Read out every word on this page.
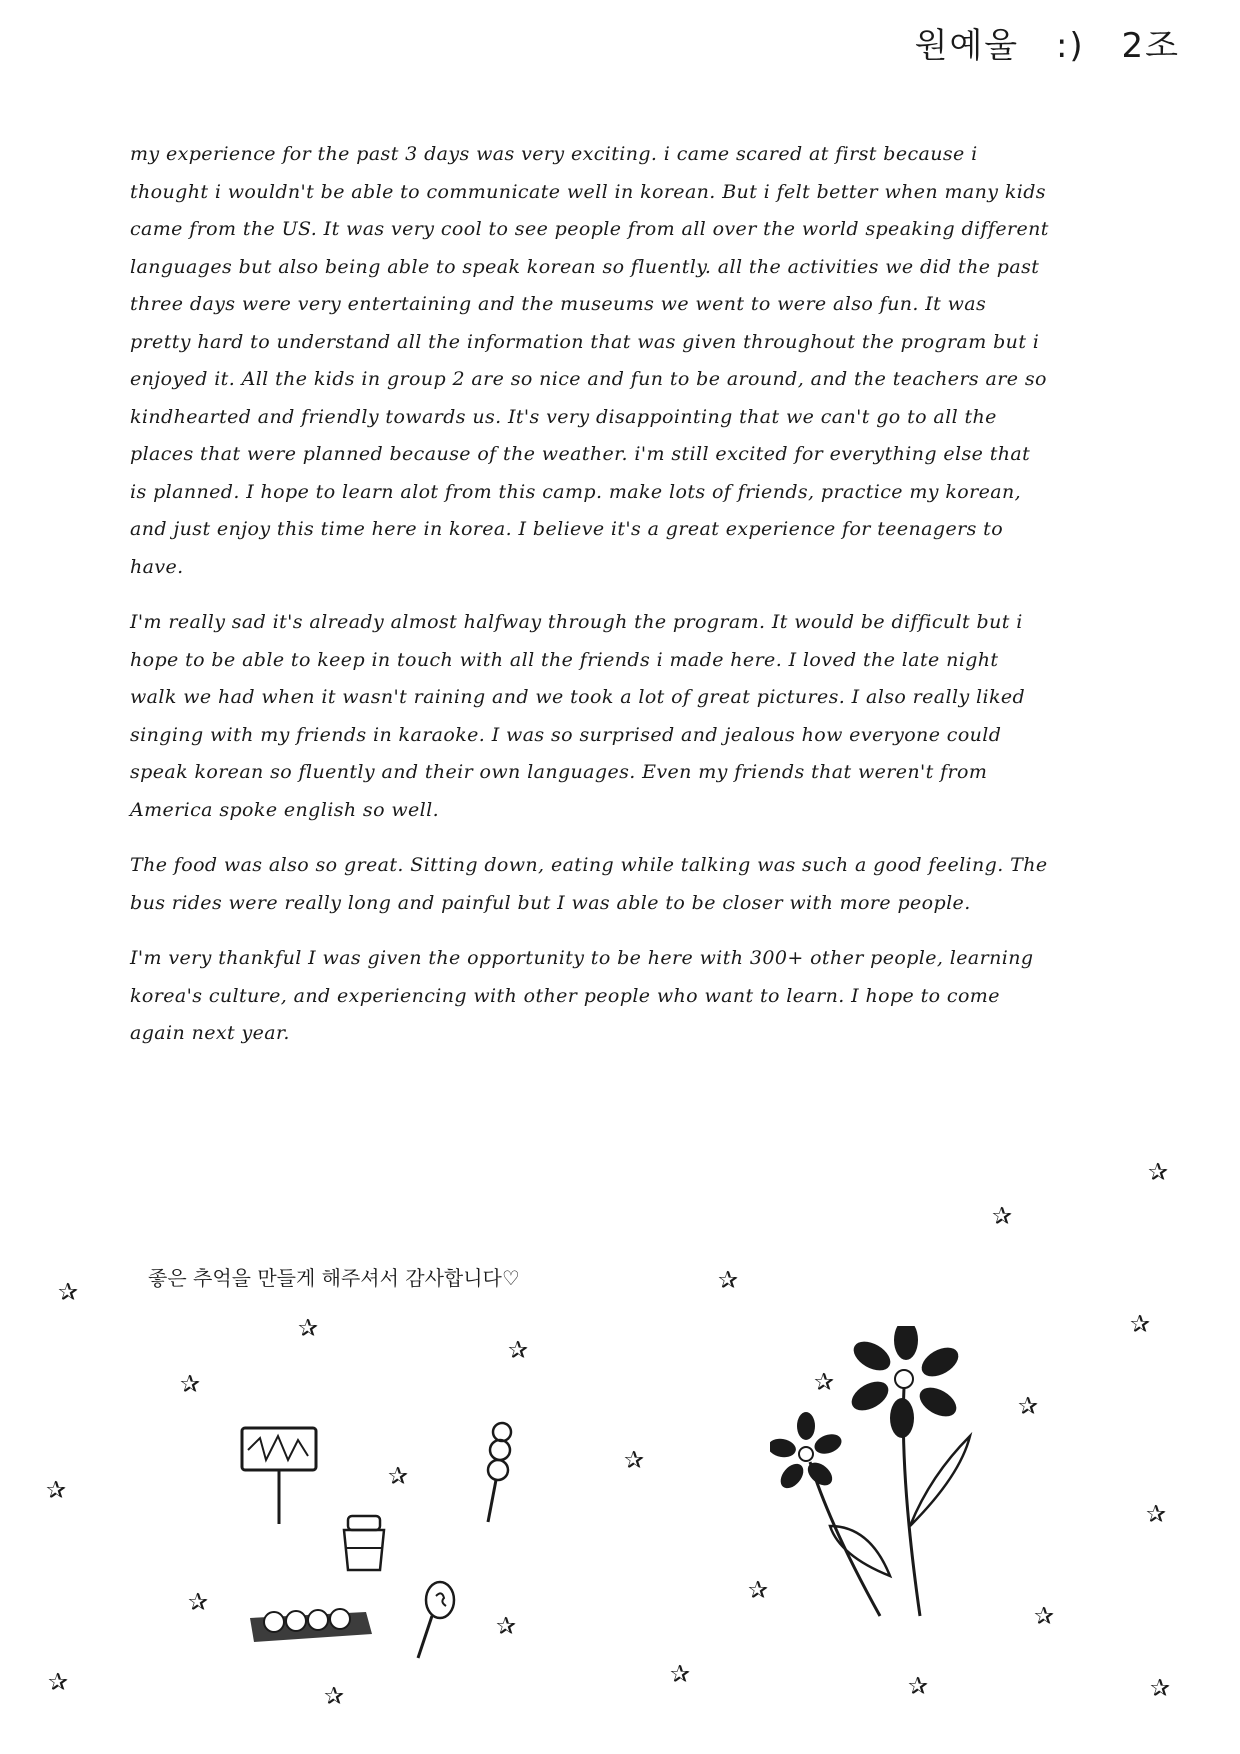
원예울 :) 2조

my experience for the past 3 days was very exciting. i came scared at first because i thought i wouldn't be able to communicate well in korean. But i felt better when many kids came from the US. It was very cool to see people from all over the world speaking different languages but also being able to speak korean so fluently. all the activities we did the past three days were very entertaining and the museums we went to were also fun. It was pretty hard to understand all the information that was given throughout the program but i enjoyed it. All the kids in group 2 are so nice and fun to be around, and the teachers are so kindhearted and friendly towards us. It's very disappointing that we can't go to all the places that were planned because of the weather. i'm still excited for everything else that is planned. I hope to learn alot from this camp. make lots of friends, practice my korean, and just enjoy this time here in korea. I believe it's a great experience for teenagers to have.

I'm really sad it's already almost halfway through the program. It would be difficult but i hope to be able to keep in touch with all the friends i made here. I loved the late night walk we had when it wasn't raining and we took a lot of great pictures. I also really liked singing with my friends in karaoke. I was so surprised and jealous how everyone could speak korean so fluently and their own languages. Even my friends that weren't from America spoke english so well.

The food was also so great. Sitting down, eating while talking was such a good feeling. The bus rides were really long and painful but I was able to be closer with more people.

I'm very thankful I was given the opportunity to be here with 300+ other people, learning korea's culture, and experiencing with other people who want to learn. I hope to come again next year.

좋은 추억을 만들게 해주셔서 감사합니다♡
✰
✰
✰	✰
✰
✰
✰
✰	✰
✰
✰	✰
✰
✰
✰	✰
✰
✰
✰	✰
✰	✰	✰
